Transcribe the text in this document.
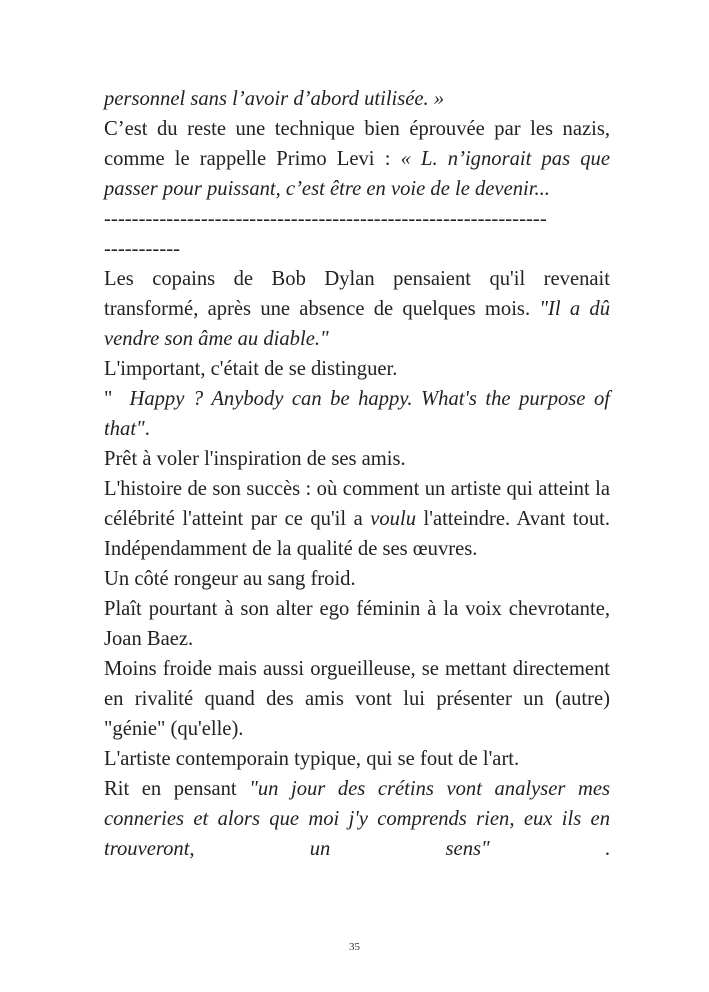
personnel sans l’avoir d’abord utilisée. »

C’est du reste une technique bien éprouvée par les nazis, comme le rappelle Primo Levi : « L. n’ignorait pas que passer pour puissant, c’est être en voie de le devenir...

----------------------------------------------------------------

-----------

Les copains de Bob Dylan pensaient qu'il revenait transformé, après une absence de quelques mois. "Il a dû vendre son âme au diable."

L'important, c'était de se distinguer.

"  Happy ? Anybody can be happy. What's the purpose of that".

Prêt à voler l'inspiration de ses amis.

L'histoire de son succès : où comment un artiste qui atteint la célébrité l'atteint par ce qu'il a voulu l'atteindre. Avant tout. Indépendamment de la qualité de ses œuvres.

Un côté rongeur au sang froid.

Plaît pourtant à son alter ego féminin à la voix chevrotante, Joan Baez.

Moins froide mais aussi orgueilleuse, se mettant directement en rivalité quand des amis vont lui présenter un (autre) "génie" (qu'elle).

L'artiste contemporain typique, qui se fout de l'art.

Rit en pensant "un jour des crétins vont analyser mes conneries et alors que moi j'y comprends rien, eux ils en trouveront, un sens" .

35
